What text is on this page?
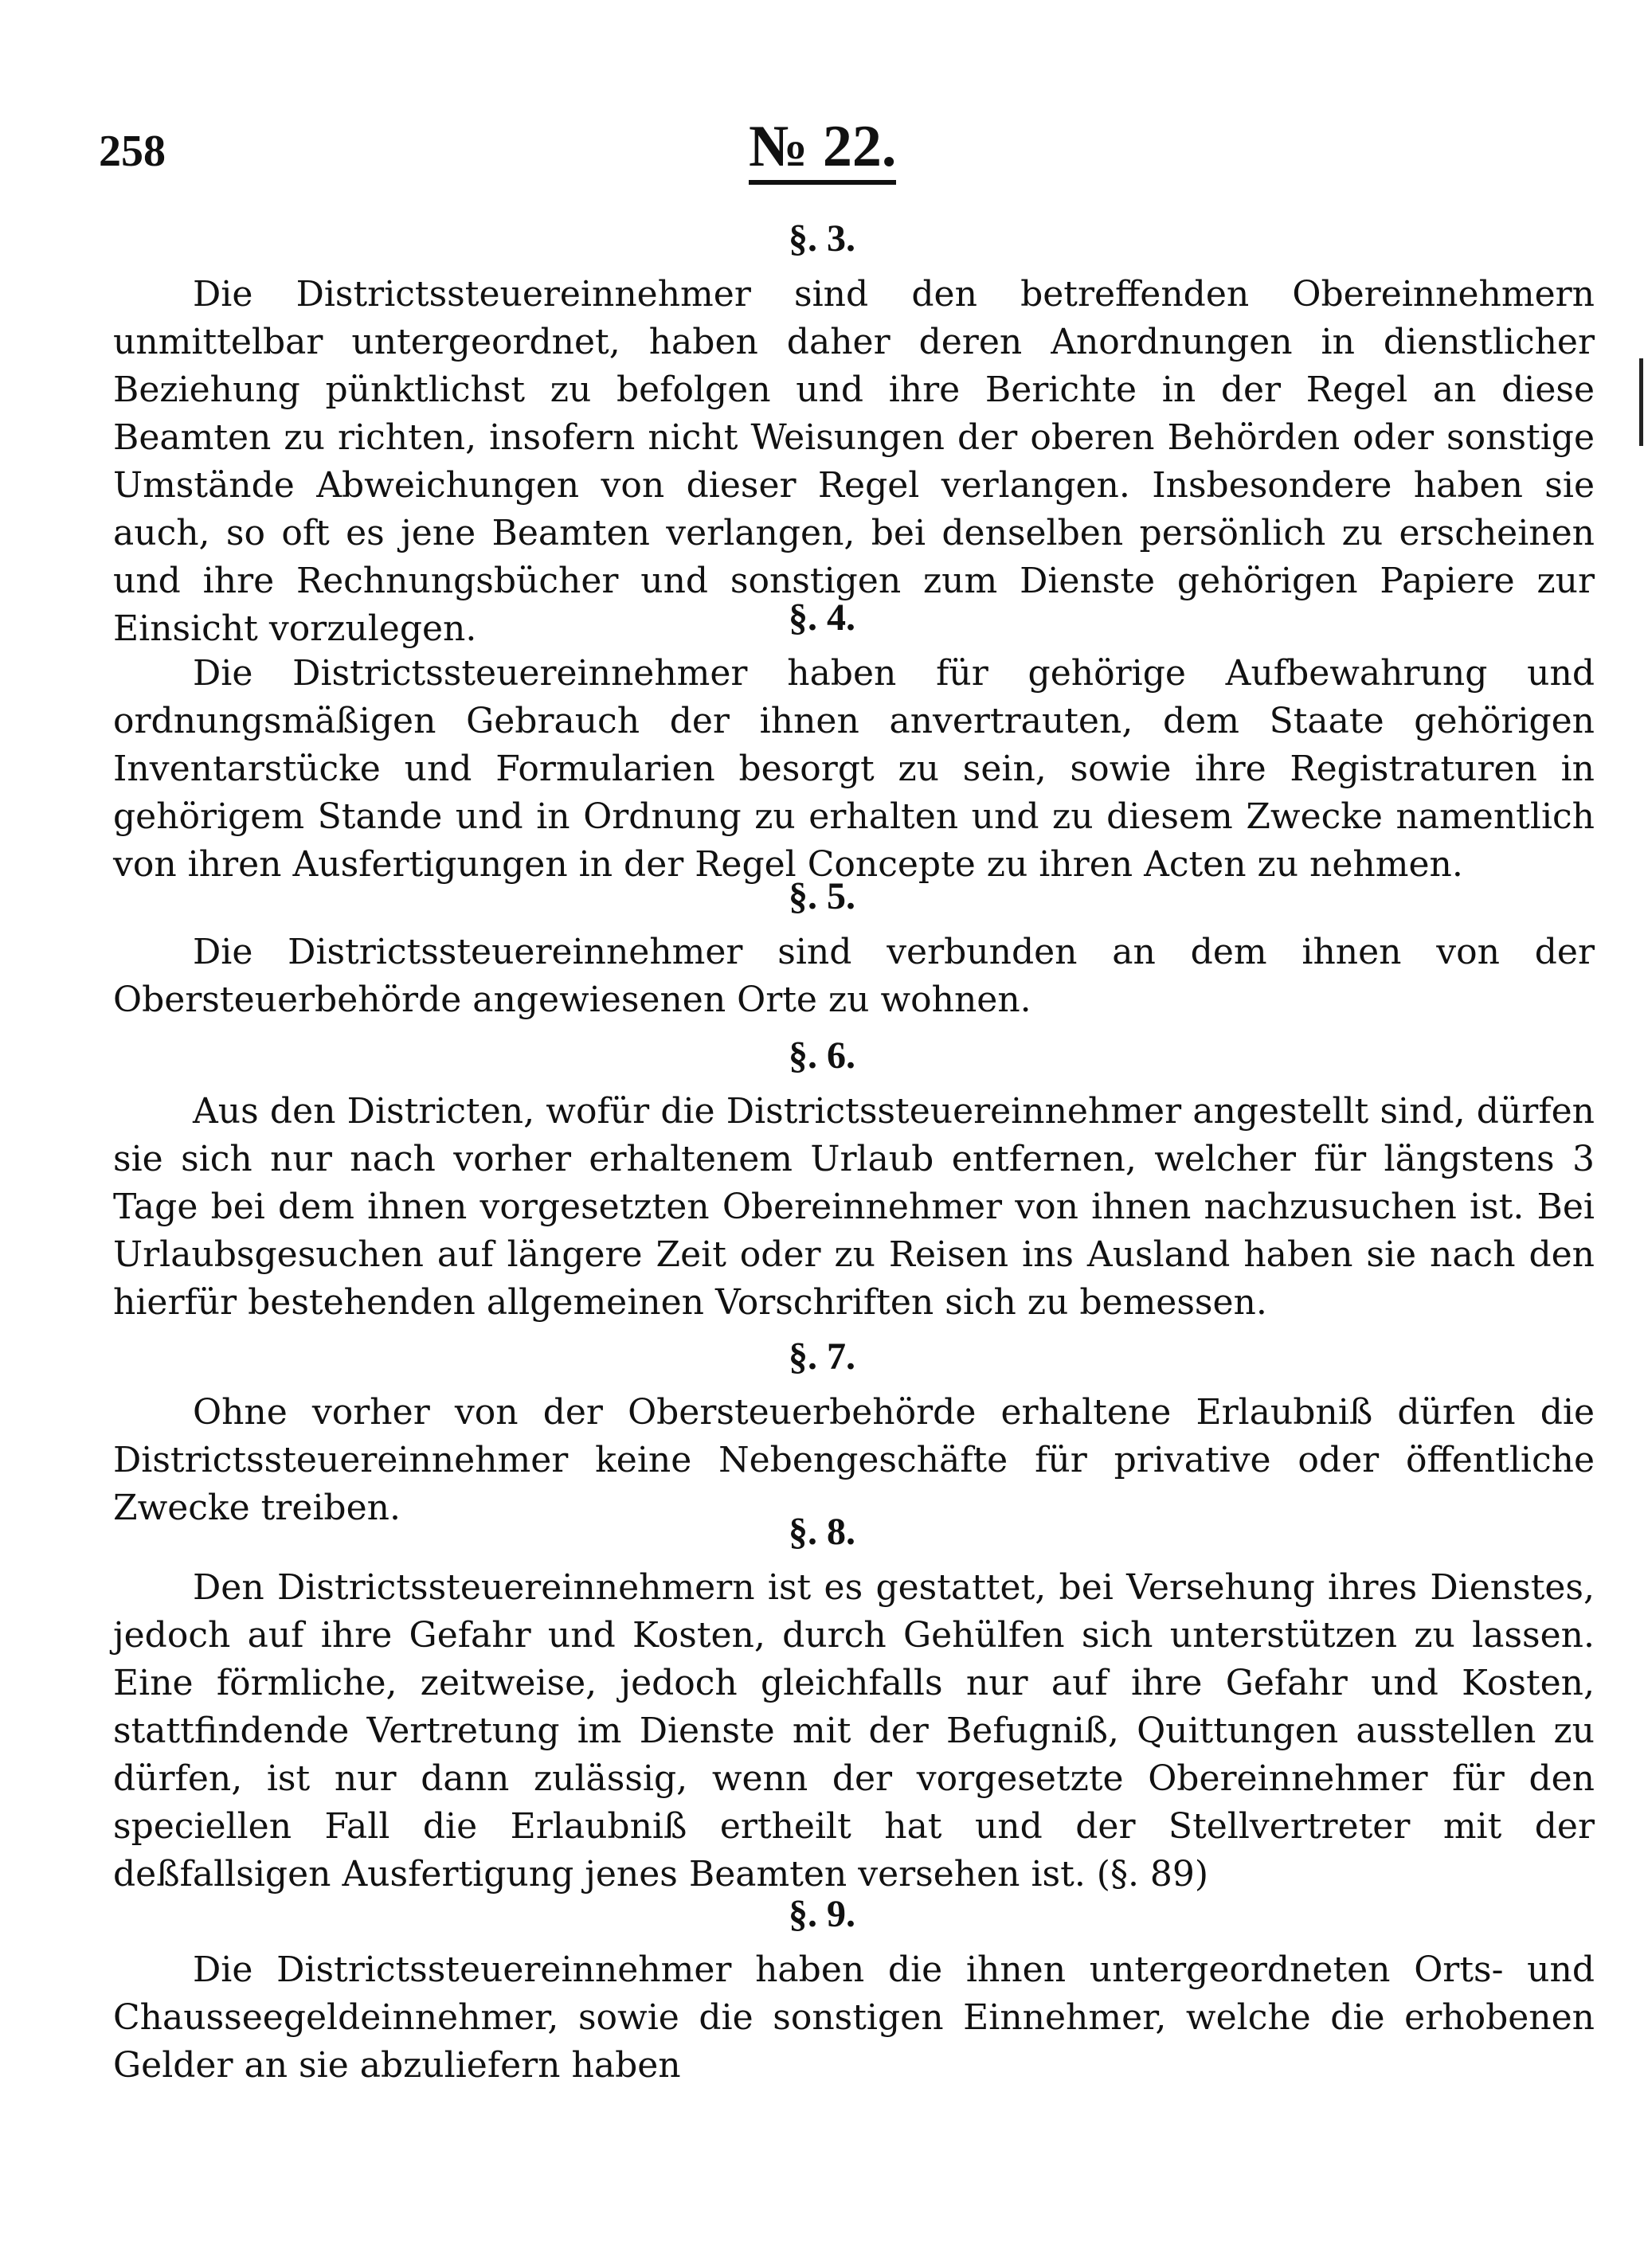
258	№ 22.
§. 3.
Die Districtssteuereinnehmer sind den betreffenden Obereinnehmern unmittelbar untergeordnet, haben daher deren Anordnungen in dienstlicher Beziehung pünktlichst zu befolgen und ihre Berichte in der Regel an diese Beamten zu richten, insofern nicht Weisungen der oberen Behörden oder sonstige Umstände Abweichungen von dieser Regel verlangen. Insbesondere haben sie auch, so oft es jene Beamten verlangen, bei denselben persönlich zu erscheinen und ihre Rechnungsbücher und sonstigen zum Dienste gehörigen Papiere zur Einsicht vorzulegen.	§. 4.
Die Districtssteuereinnehmer haben für gehörige Aufbewahrung und ordnungsmäßigen Gebrauch der ihnen anvertrauten, dem Staate gehörigen Inventarstücke und Formularien besorgt zu sein, sowie ihre Registraturen in gehörigem Stande und in Ordnung zu erhalten und zu diesem Zwecke namentlich von ihren Ausfertigungen in der Regel Concepte zu ihren Acten zu nehmen.
§. 5.
Die Districtssteuereinnehmer sind verbunden an dem ihnen von der Obersteuerbehörde angewiesenen Orte zu wohnen.
§. 6.
Aus den Districten, wofür die Districtssteuereinnehmer angestellt sind, dürfen sie sich nur nach vorher erhaltenem Urlaub entfernen, welcher für längstens 3 Tage bei dem ihnen vorgesetzten Obereinnehmer von ihnen nachzusuchen ist. Bei Urlaubsgesuchen auf längere Zeit oder zu Reisen ins Ausland haben sie nach den hierfür bestehenden allgemeinen Vorschriften sich zu bemessen.
§. 7.
Ohne vorher von der Obersteuerbehörde erhaltene Erlaubniß dürfen die Districtssteuereinnehmer keine Nebengeschäfte für privative oder öffentliche Zwecke treiben.
§. 8.
Den Districtssteuereinnehmern ist es gestattet, bei Versehung ihres Dienstes, jedoch auf ihre Gefahr und Kosten, durch Gehülfen sich unterstützen zu lassen. Eine förmliche, zeitweise, jedoch gleichfalls nur auf ihre Gefahr und Kosten, stattfindende Vertretung im Dienste mit der Befugniß, Quittungen ausstellen zu dürfen, ist nur dann zulässig, wenn der vorgesetzte Obereinnehmer für den speciellen Fall die Erlaubniß ertheilt hat und der Stellvertreter mit der deßfallsigen Ausfertigung jenes Beamten versehen ist. (§. 89)
§. 9.
Die Districtssteuereinnehmer haben die ihnen untergeordneten Orts- und Chausseegeldeinnehmer, sowie die sonstigen Einnehmer, welche die erhobenen Gelder an sie abzuliefern haben
